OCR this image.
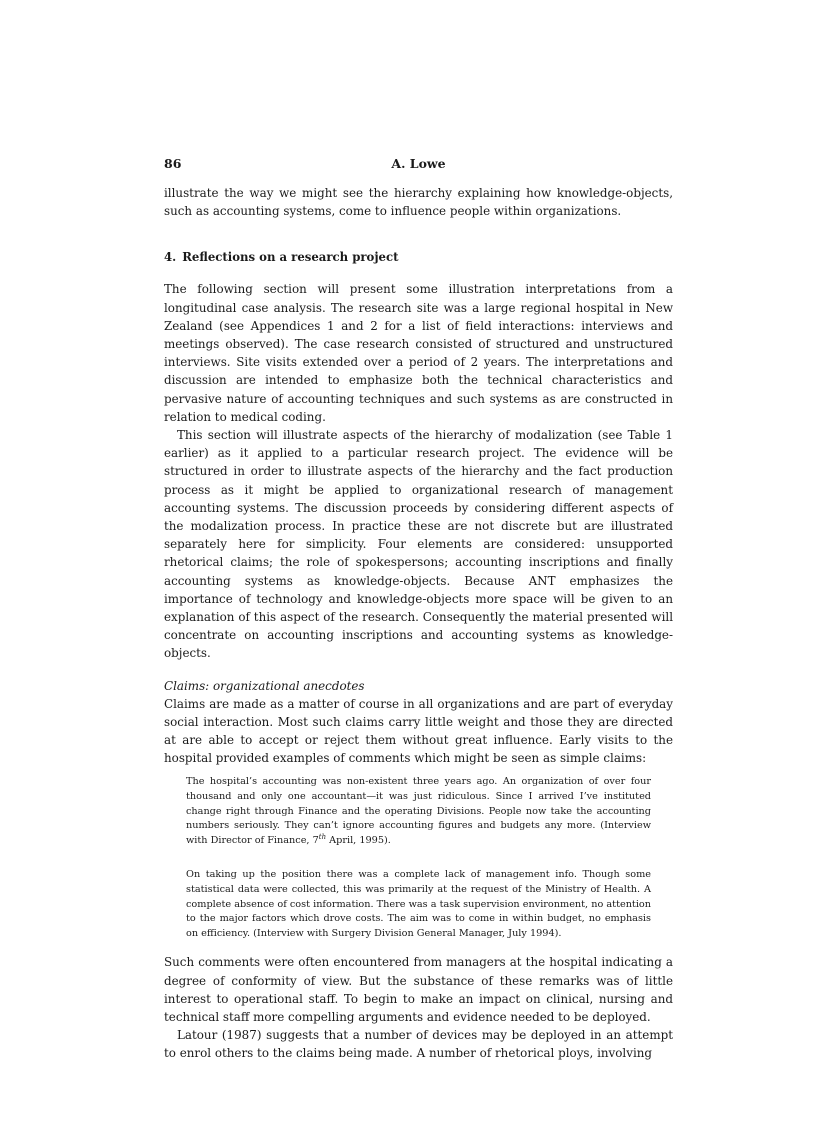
86	A. Lowe

illustrate the way we might see the hierarchy explaining how knowledge-objects, such as accounting systems, come to influence people within organizations.

4. Reflections on a research project

The following section will present some illustration interpretations from a longitudinal case analysis. The research site was a large regional hospital in New Zealand (see Appendices 1 and 2 for a list of field interactions: interviews and meetings observed). The case research consisted of structured and unstructured interviews. Site visits extended over a period of 2 years. The interpretations and discussion are intended to emphasize both the technical characteristics and pervasive nature of accounting techniques and such systems as are constructed in relation to medical coding.

This section will illustrate aspects of the hierarchy of modalization (see Table 1 earlier) as it applied to a particular research project. The evidence will be structured in order to illustrate aspects of the hierarchy and the fact production process as it might be applied to organizational research of management accounting systems. The discussion proceeds by considering different aspects of the modalization process. In practice these are not discrete but are illustrated separately here for simplicity. Four elements are considered: unsupported rhetorical claims; the role of spokespersons; accounting inscriptions and finally accounting systems as knowledge-objects. Because ANT emphasizes the importance of technology and knowledge-objects more space will be given to an explanation of this aspect of the research. Consequently the material presented will concentrate on accounting inscriptions and accounting systems as knowledge-objects.

Claims: organizational anecdotes

Claims are made as a matter of course in all organizations and are part of everyday social interaction. Most such claims carry little weight and those they are directed at are able to accept or reject them without great influence. Early visits to the hospital provided examples of comments which might be seen as simple claims:

The hospital’s accounting was non-existent three years ago. An organization of over four thousand and only one accountant—it was just ridiculous. Since I arrived I’ve instituted change right through Finance and the operating Divisions. People now take the accounting numbers seriously. They can’t ignore accounting figures and budgets any more. (Interview with Director of Finance, 7th April, 1995).

On taking up the position there was a complete lack of management info. Though some statistical data were collected, this was primarily at the request of the Ministry of Health. A complete absence of cost information. There was a task supervision environment, no attention to the major factors which drove costs. The aim was to come in within budget, no emphasis on efficiency. (Interview with Surgery Division General Manager, July 1994).

Such comments were often encountered from managers at the hospital indicating a degree of conformity of view. But the substance of these remarks was of little interest to operational staff. To begin to make an impact on clinical, nursing and technical staff more compelling arguments and evidence needed to be deployed.

Latour (1987) suggests that a number of devices may be deployed in an attempt to enrol others to the claims being made. A number of rhetorical ploys, involving
